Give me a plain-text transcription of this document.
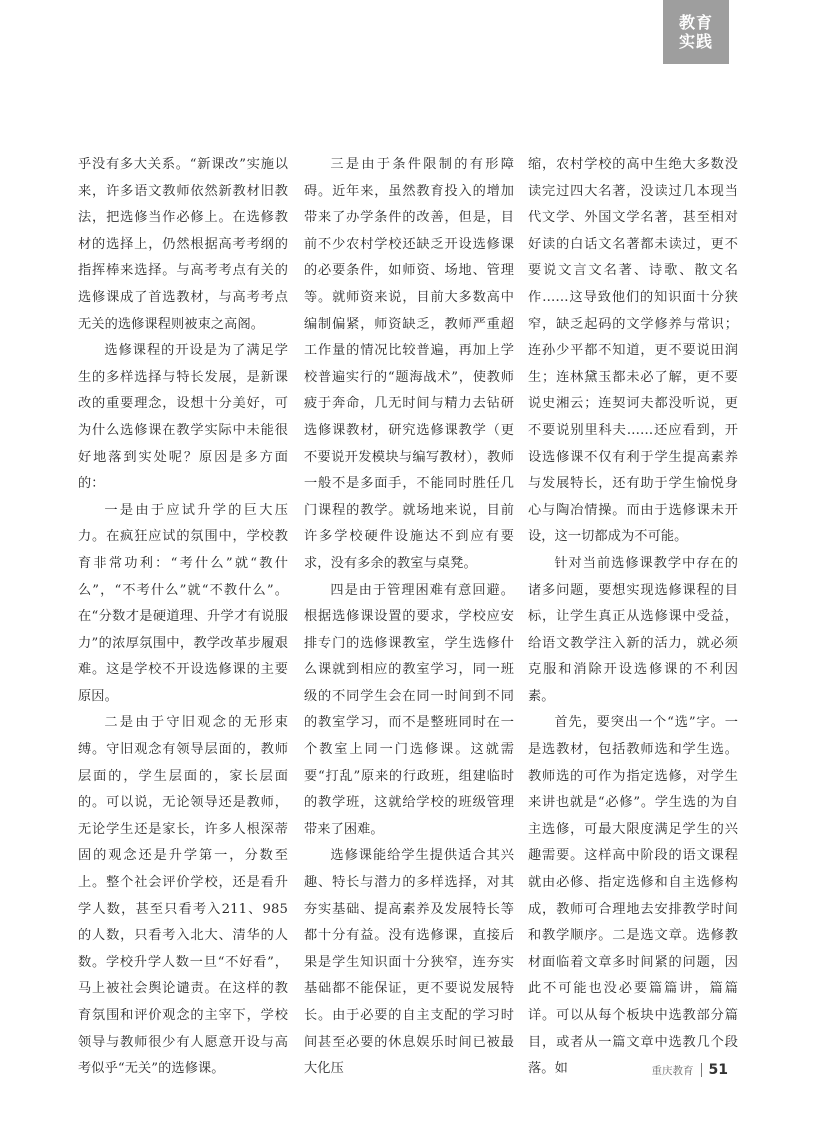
教育
实践

乎没有多大关系。“新课改”实施以来，许多语文教师依然新教材旧教法，把选修当作必修上。在选修教材的选择上，仍然根据高考考纲的指挥棒来选择。与高考考点有关的选修课成了首选教材，与高考考点无关的选修课程则被束之高阁。

选修课程的开设是为了满足学生的多样选择与特长发展，是新课改的重要理念，设想十分美好，可为什么选修课在教学实际中未能很好地落到实处呢？原因是多方面的：

一是由于应试升学的巨大压力。在疯狂应试的氛围中，学校教育非常功利：“考什么”就“教什么”，“不考什么”就“不教什么”。在“分数才是硬道理、升学才有说服力”的浓厚氛围中，教学改革步履艰难。这是学校不开设选修课的主要原因。

二是由于守旧观念的无形束缚。守旧观念有领导层面的，教师层面的，学生层面的，家长层面的。可以说，无论领导还是教师，无论学生还是家长，许多人根深蒂固的观念还是升学第一，分数至上。整个社会评价学校，还是看升学人数，甚至只看考入211、985的人数，只看考入北大、清华的人数。学校升学人数一旦“不好看”，马上被社会舆论谴责。在这样的教育氛围和评价观念的主宰下，学校领导与教师很少有人愿意开设与高考似乎“无关”的选修课。

三是由于条件限制的有形障碍。近年来，虽然教育投入的增加带来了办学条件的改善，但是，目前不少农村学校还缺乏开设选修课的必要条件，如师资、场地、管理等。就师资来说，目前大多数高中编制偏紧，师资缺乏，教师严重超工作量的情况比较普遍，再加上学校普遍实行的“题海战术”，使教师疲于奔命，几无时间与精力去钻研选修课教材，研究选修课教学（更不要说开发模块与编写教材），教师一般不是多面手，不能同时胜任几门课程的教学。就场地来说，目前许多学校硬件设施达不到应有要求，没有多余的教室与桌凳。

四是由于管理困难有意回避。根据选修课设置的要求，学校应安排专门的选修课教室，学生选修什么课就到相应的教室学习，同一班级的不同学生会在同一时间到不同的教室学习，而不是整班同时在一个教室上同一门选修课。这就需要“打乱”原来的行政班，组建临时的教学班，这就给学校的班级管理带来了困难。

选修课能给学生提供适合其兴趣、特长与潜力的多样选择，对其夯实基础、提高素养及发展特长等都十分有益。没有选修课，直接后果是学生知识面十分狭窄，连夯实基础都不能保证，更不要说发展特长。由于必要的自主支配的学习时间甚至必要的休息娱乐时间已被最大化压

缩，农村学校的高中生绝大多数没读完过四大名著，没读过几本现当代文学、外国文学名著，甚至相对好读的白话文名著都未读过，更不要说文言文名著、诗歌、散文名作……这导致他们的知识面十分狭窄，缺乏起码的文学修养与常识；连孙少平都不知道，更不要说田润生；连林黛玉都未必了解，更不要说史湘云；连契诃夫都没听说，更不要说别里科夫……还应看到，开设选修课不仅有利于学生提高素养与发展特长，还有助于学生愉悦身心与陶冶情操。而由于选修课未开设，这一切都成为不可能。

针对当前选修课教学中存在的诸多问题，要想实现选修课程的目标，让学生真正从选修课中受益，给语文教学注入新的活力，就必须克服和消除开设选修课的不利因素。

首先，要突出一个“选”字。一是选教材，包括教师选和学生选。教师选的可作为指定选修，对学生来讲也就是“必修”。学生选的为自主选修，可最大限度满足学生的兴趣需要。这样高中阶段的语文课程就由必修、指定选修和自主选修构成，教师可合理地去安排教学时间和教学顺序。二是选文章。选修教材面临着文章多时间紧的问题，因此不可能也没必要篇篇讲，篇篇详。可以从每个板块中选教部分篇目，或者从一篇文章中选教几个段落。如	重庆教育 51
